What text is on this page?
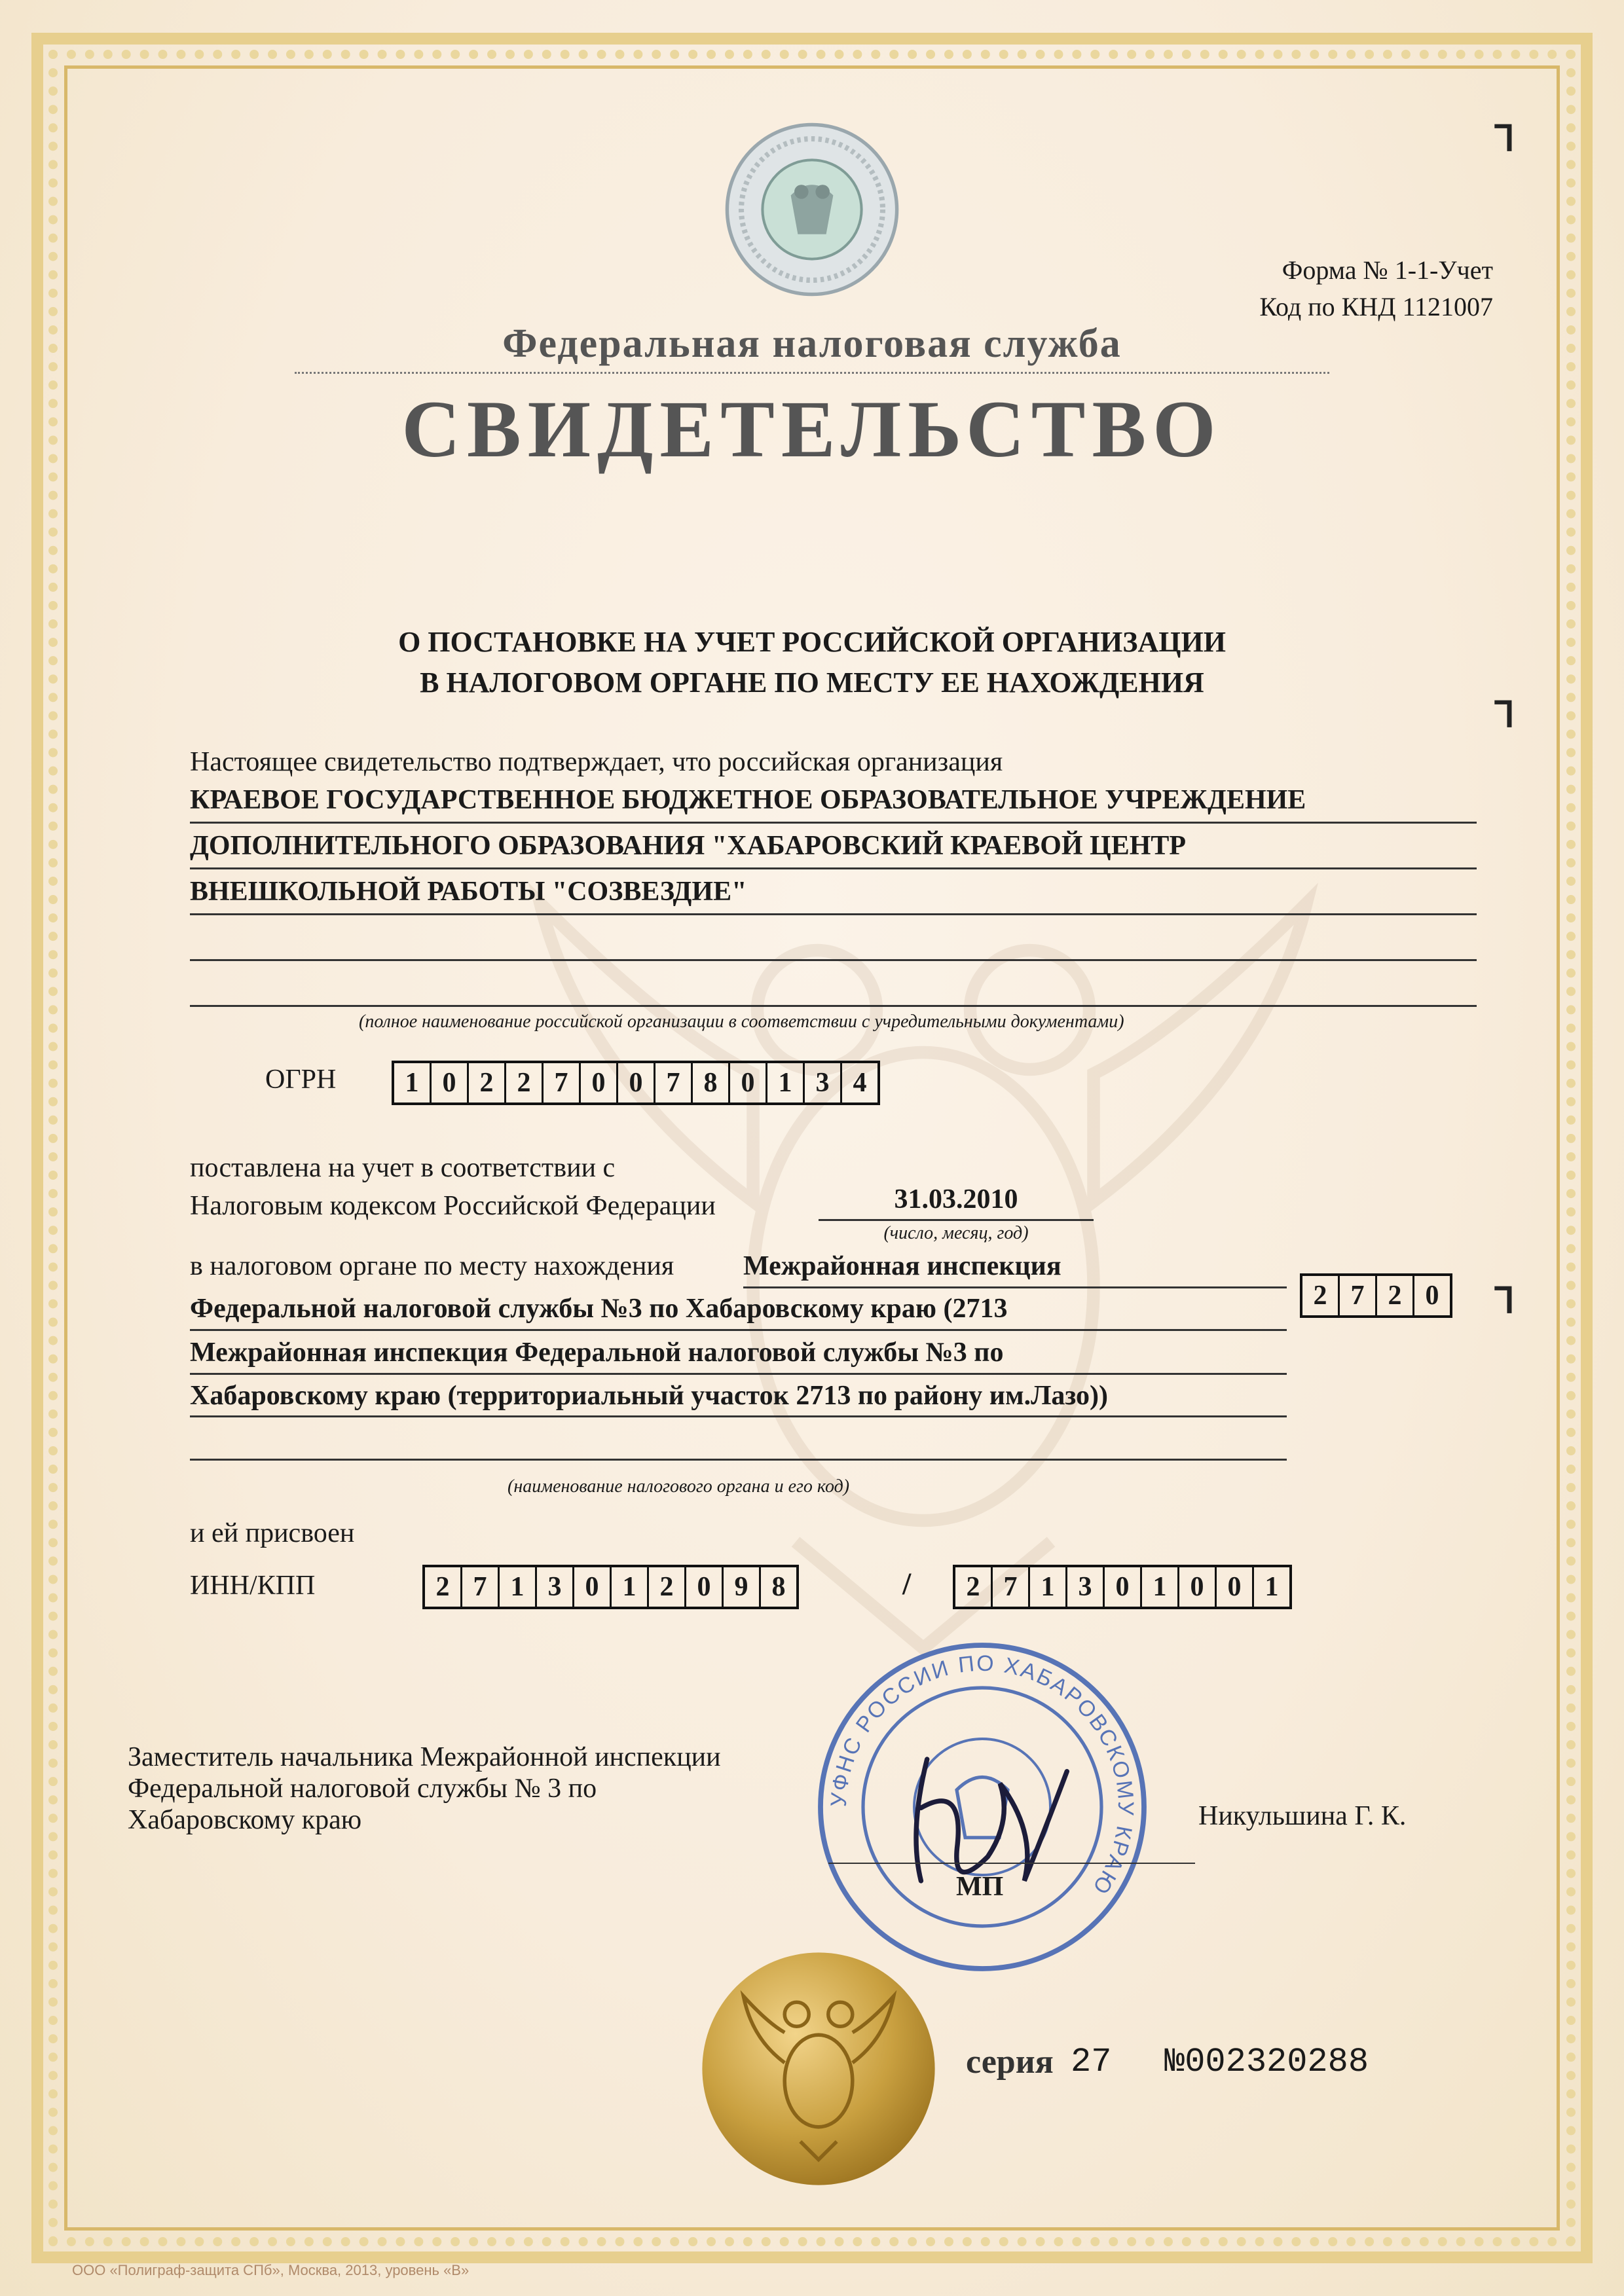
Форма № 1-1-Учет
Код по КНД 1121007
Федеральная налоговая служба
СВИДЕТЕЛЬСТВО
О ПОСТАНОВКЕ НА УЧЕТ РОССИЙСКОЙ ОРГАНИЗАЦИИ
В НАЛОГОВОМ ОРГАНЕ ПО МЕСТУ ЕЕ НАХОЖДЕНИЯ
Настоящее свидетельство подтверждает, что российская организация
КРАЕВОЕ ГОСУДАРСТВЕННОЕ БЮДЖЕТНОЕ ОБРАЗОВАТЕЛЬНОЕ УЧРЕЖДЕНИЕ
ДОПОЛНИТЕЛЬНОГО ОБРАЗОВАНИЯ "ХАБАРОВСКИЙ КРАЕВОЙ ЦЕНТР
ВНЕШКОЛЬНОЙ РАБОТЫ "СОЗВЕЗДИЕ"
(полное наименование российской организации в соответствии с учредительными документами)
ОГРН	1 0 2 2 7 0 0 7 8 0 1 3 4
поставлена на учет в соответствии с
Налоговым кодексом Российской Федерации	31.03.2010
(число, месяц, год)
в налоговом органе по месту нахождения	Межрайонная инспекция
Федеральной налоговой службы №3 по Хабаровскому краю (2713	2 7 2 0
Межрайонная инспекция Федеральной налоговой службы №3 по
Хабаровскому краю (территориальный участок 2713 по району им.Лазо))
(наименование налогового органа и его код)
и ей присвоен
ИНН/КПП	2 7 1 3 0 1 2 0 9 8	/	2 7 1 3 0 1 0 0 1
УФНС РОССИИ ПО ХАБАРОВСКОМУ КРАЮ
Заместитель начальника Межрайонной инспекции
Федеральной налоговой службы № 3 по
Хабаровскому краю	Никульшина Г. К.
МП
серия 27 №002320288
ООО «Полиграф-защита СПб», Москва, 2013, уровень «В»
ᒣ
ᒣ
ᒣ
